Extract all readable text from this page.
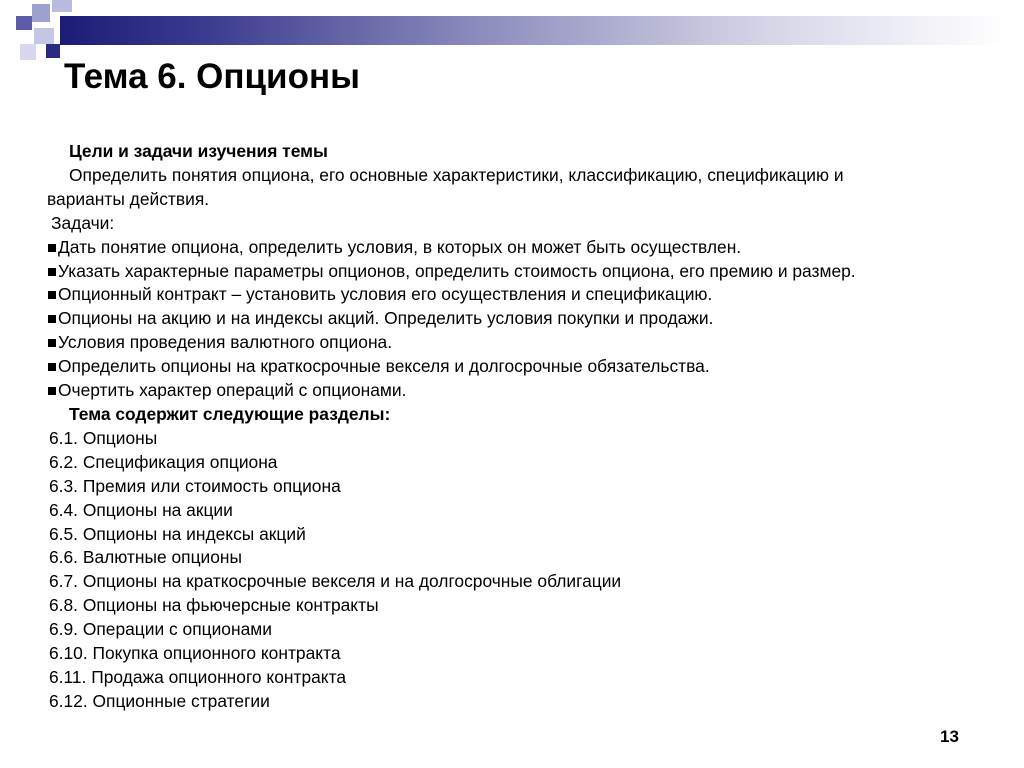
Тема 6. Опционы
Цели и задачи изучения темы
Определить понятия опциона, его основные характеристики, классификацию, спецификацию и
варианты действия.
Задачи:
Дать понятие опциона, определить условия, в которых он может быть осуществлен.
Указать характерные параметры опционов, определить стоимость опциона, его премию и размер.
Опционный контракт – установить условия его осуществления и спецификацию.
Опционы на акцию и на индексы акций. Определить условия покупки и продажи.
Условия проведения валютного опциона.
Определить опционы на краткосрочные векселя и долгосрочные обязательства.
Очертить характер операций с опционами.
Тема содержит следующие разделы:
6.1. Опционы
6.2. Спецификация опциона
6.3. Премия или стоимость опциона
6.4. Опционы на акции
6.5. Опционы на индексы акций
6.6. Валютные опционы
6.7. Опционы на краткосрочные векселя и на долгосрочные облигации
6.8. Опционы на фьючерсные контракты
6.9. Операции с опционами
6.10. Покупка опционного контракта
6.11. Продажа опционного контракта
6.12. Опционные стратегии
13
